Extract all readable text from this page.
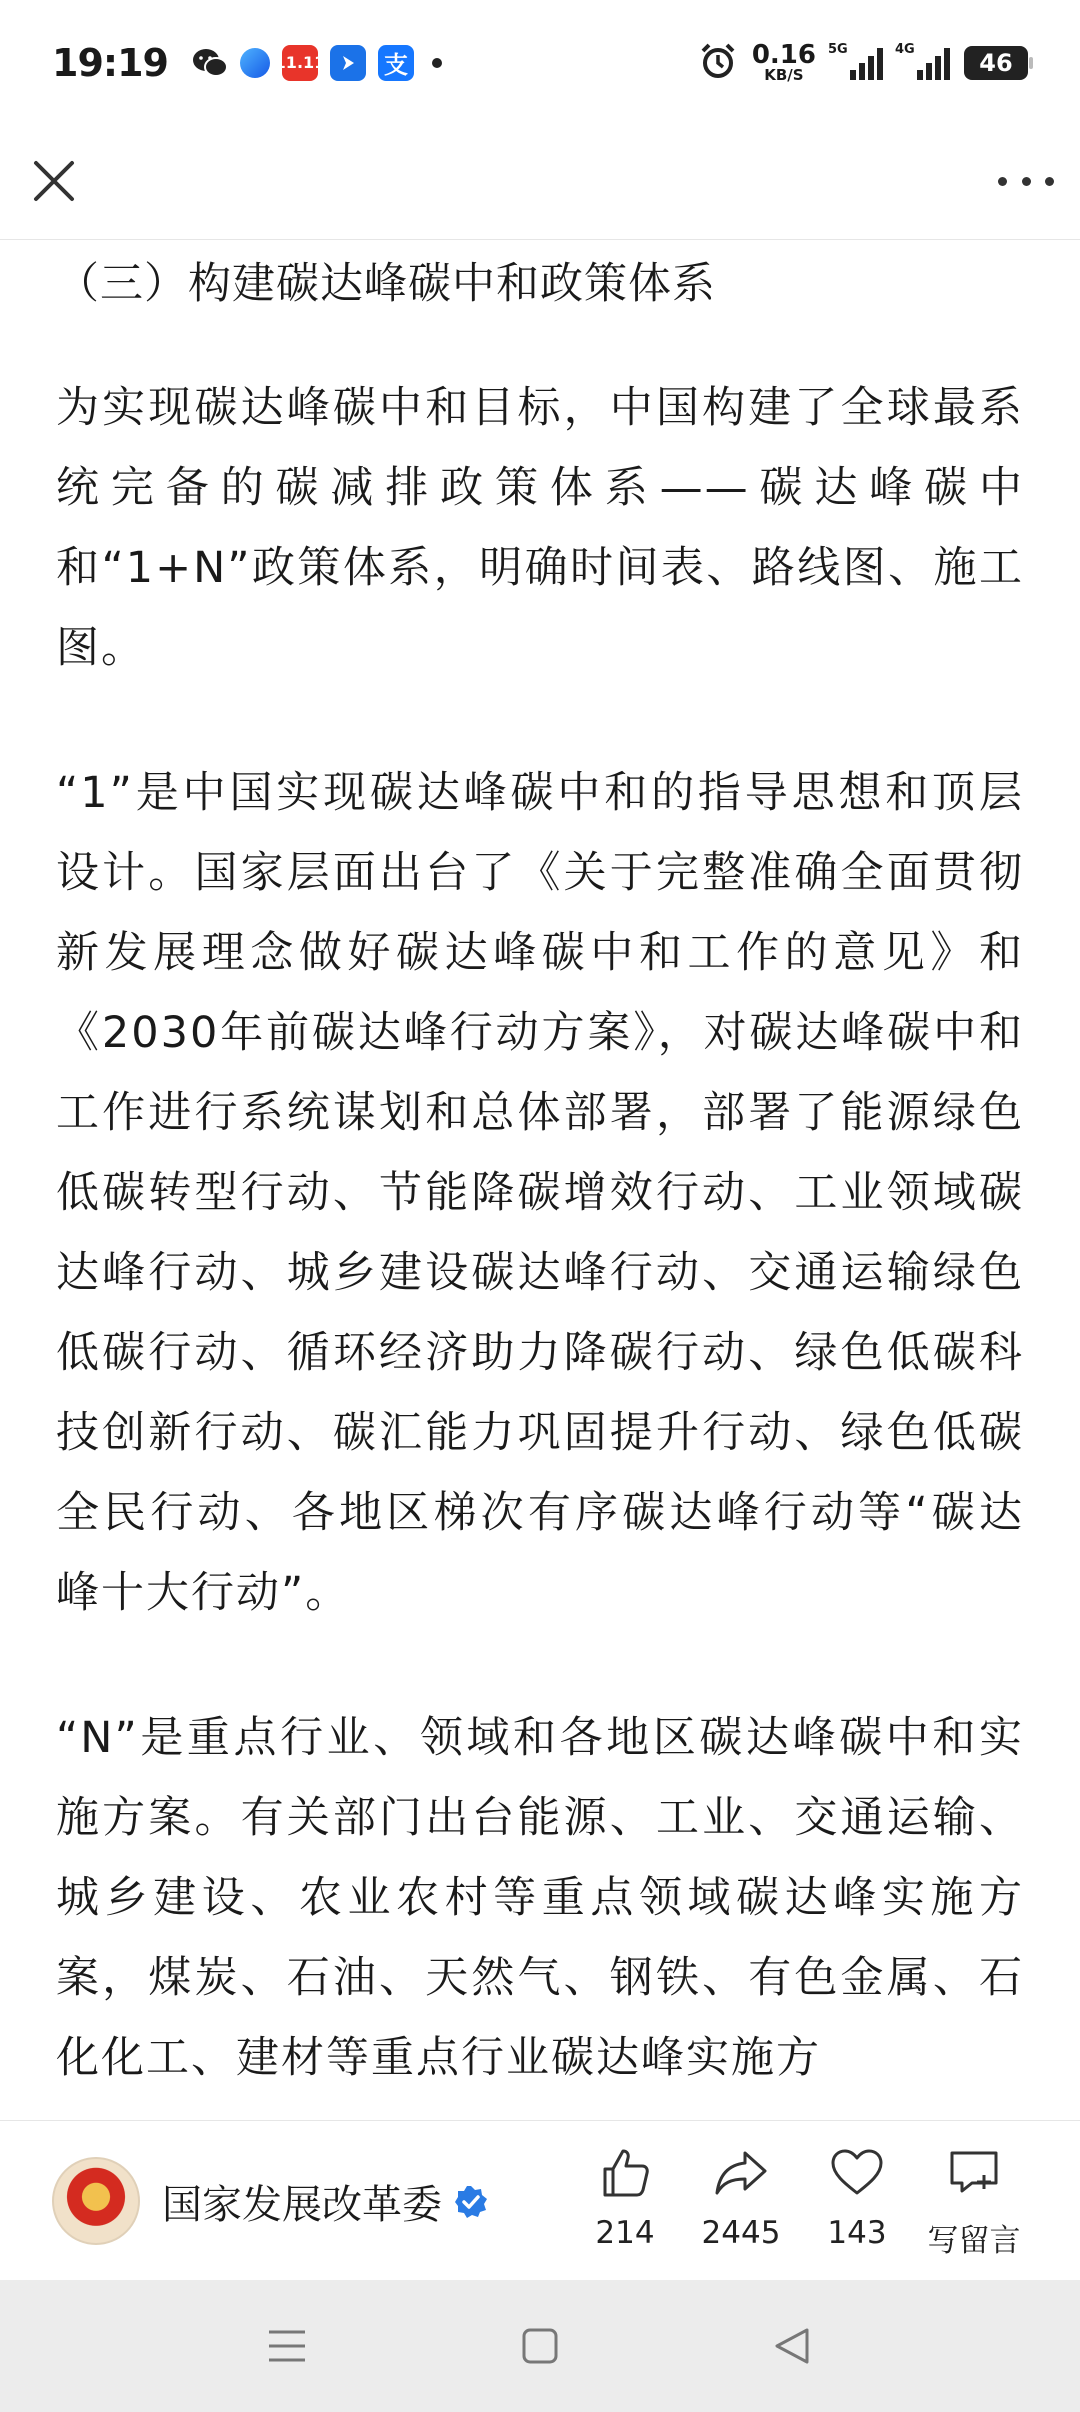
19:19	11.11 支	0.16
KB/S
5G	4G	46
（三）构建碳达峰碳中和政策体系

为实现碳达峰碳中和目标，中国构建了全球最系统完备的碳减排政策体系——碳达峰碳中和“1+N”政策体系，明确时间表、路线图、施工图。

“1”是中国实现碳达峰碳中和的指导思想和顶层设计。国家层面出台了《关于完整准确全面贯彻新发展理念做好碳达峰碳中和工作的意见》和《2030年前碳达峰行动方案》，对碳达峰碳中和工作进行系统谋划和总体部署，部署了能源绿色低碳转型行动、节能降碳增效行动、工业领域碳达峰行动、城乡建设碳达峰行动、交通运输绿色低碳行动、循环经济助力降碳行动、绿色低碳科技创新行动、碳汇能力巩固提升行动、绿色低碳全民行动、各地区梯次有序碳达峰行动等“碳达峰十大行动”。

“N”是重点行业、领域和各地区碳达峰碳中和实施方案。有关部门出台能源、工业、交通运输、城乡建设、农业农村等重点领域碳达峰实施方案，煤炭、石油、天然气、钢铁、有色金属、石化化工、建材等重点行业碳达峰实施方

国家发展改革委
214 2445 143 写留言
